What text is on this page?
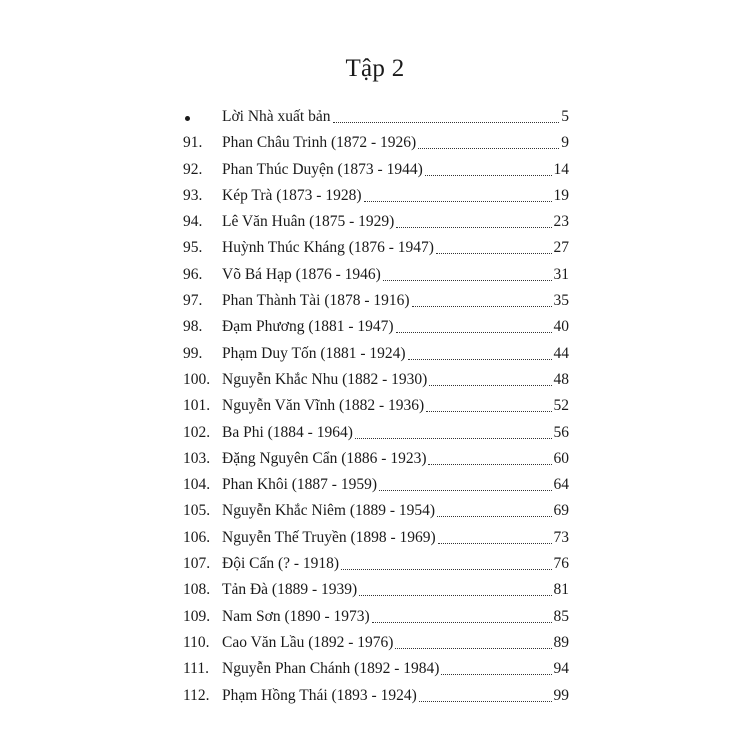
Tập 2
Lời Nhà xuất bản	5
91. Phan Châu Trinh (1872 - 1926)	9
92. Phan Thúc Duyện (1873 - 1944)	14
93. Kép Trà (1873 - 1928)	19
94. Lê Văn Huân (1875 - 1929)	23
95. Huỳnh Thúc Kháng (1876 - 1947)	27
96. Võ Bá Hạp (1876 - 1946)	31
97. Phan Thành Tài (1878 - 1916)	35
98. Đạm Phương (1881 - 1947)	40
99. Phạm Duy Tốn (1881 - 1924)	44
100. Nguyễn Khắc Nhu (1882 - 1930)	48
101. Nguyễn Văn Vĩnh (1882 - 1936)	52
102. Ba Phi (1884 - 1964)	56
103. Đặng Nguyên Cẩn (1886 - 1923)	60
104. Phan Khôi (1887 - 1959)	64
105. Nguyễn Khắc Niêm (1889 - 1954)	69
106. Nguyễn Thế Truyền (1898 - 1969)	73
107. Đội Cấn (? - 1918)	76
108. Tản Đà (1889 - 1939)	81
109. Nam Sơn (1890 - 1973)	85
110. Cao Văn Lầu (1892 - 1976)	89
111. Nguyễn Phan Chánh (1892 - 1984)	94
112. Phạm Hồng Thái (1893 - 1924)	99
